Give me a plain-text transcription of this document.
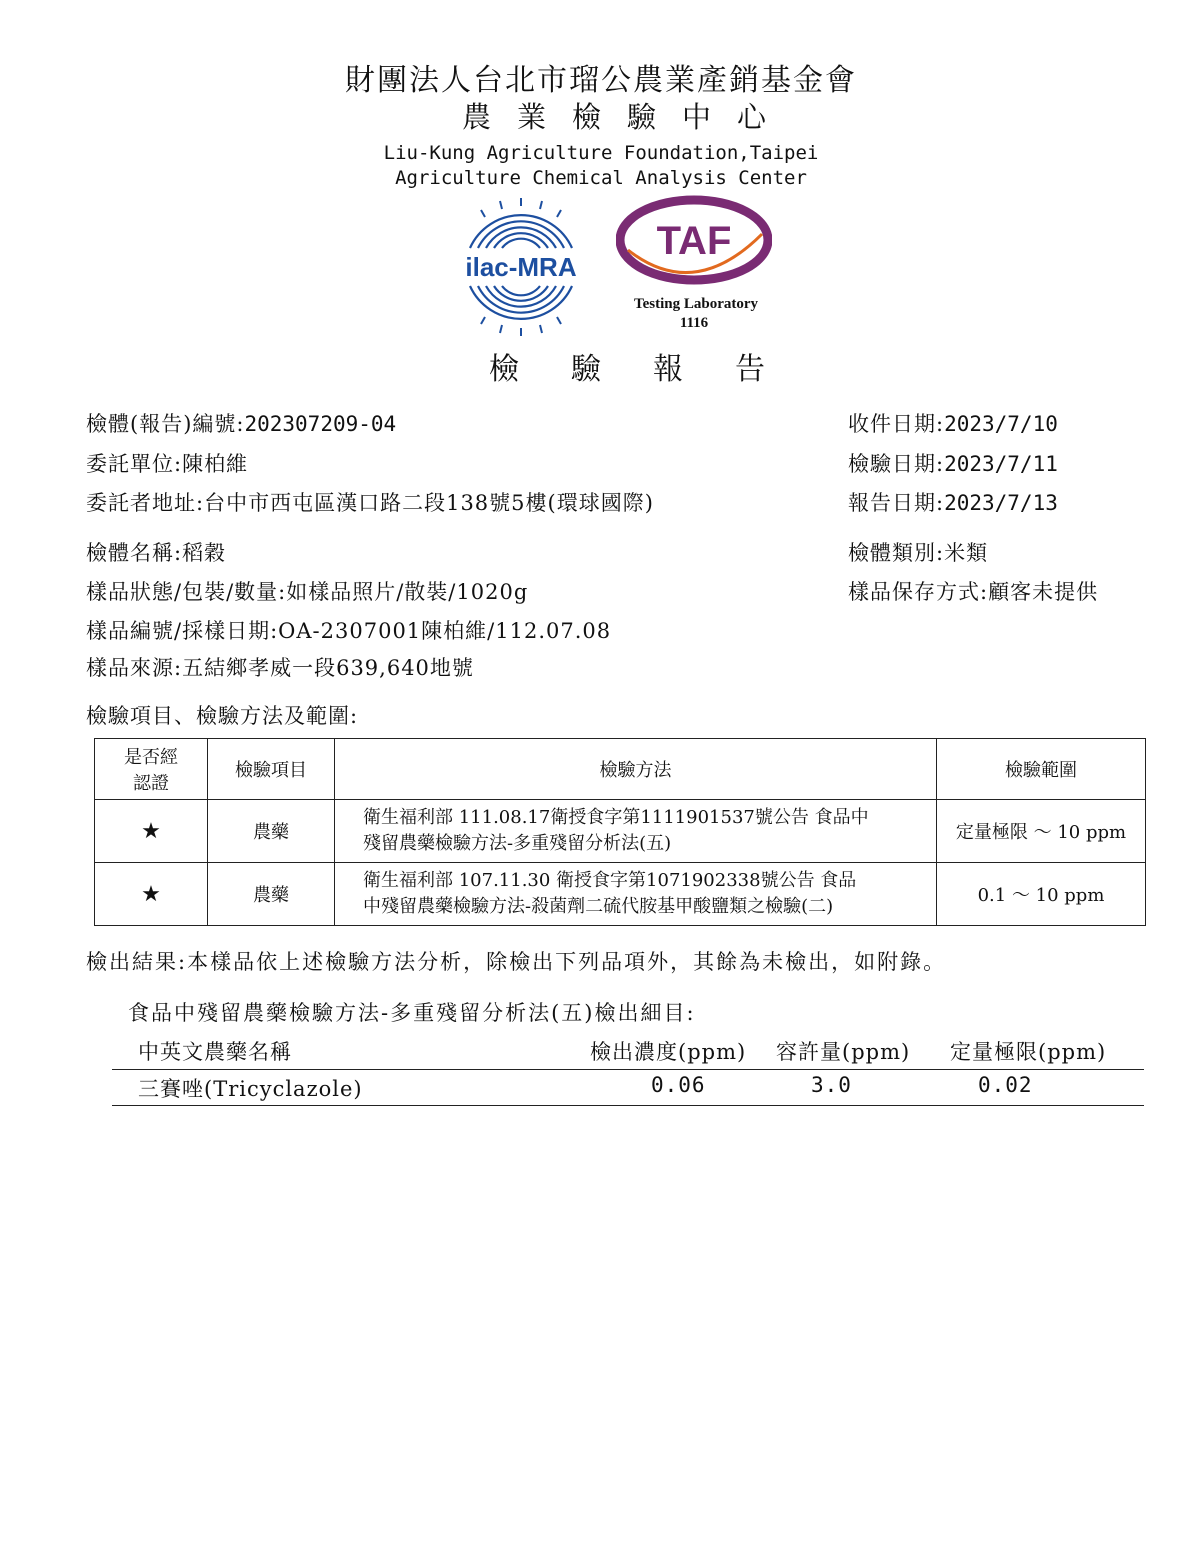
財團法人台北市瑠公農業產銷基金會
農業檢驗中心
Liu-Kung Agriculture Foundation,Taipei
Agriculture Chemical Analysis Center
ilac-MRA
TAF
Testing Laboratory
1116
檢驗報告
檢體(報告)編號:202307209-04	收件日期:2023/7/10
委託單位:陳柏維	檢驗日期:2023/7/11
委託者地址:台中市西屯區漢口路二段138號5樓(環球國際)	報告日期:2023/7/13
檢體名稱:稻穀	檢體類別:米類
樣品狀態/包裝/數量:如樣品照片/散裝/1020g	樣品保存方式:顧客未提供
樣品編號/採樣日期:OA-2307001陳柏維/112.07.08
樣品來源:五結鄉孝威一段639,640地號
檢驗項目、檢驗方法及範圍:
是否經
認證	檢驗項目	檢驗方法	檢驗範圍
★	農藥	衛生福利部 111.08.17衛授食字第1111901537號公告 食品中
殘留農藥檢驗方法-多重殘留分析法(五)	定量極限 ～ 10 ppm
★	農藥	衛生福利部 107.11.30 衛授食字第1071902338號公告 食品
中殘留農藥檢驗方法-殺菌劑二硫代胺基甲酸鹽類之檢驗(二)	0.1 ～ 10 ppm
檢出結果:本樣品依上述檢驗方法分析，除檢出下列品項外，其餘為未檢出，如附錄。
食品中殘留農藥檢驗方法-多重殘留分析法(五)檢出細目:
中英文農藥名稱	檢出濃度(ppm) 容許量(ppm) 定量極限(ppm)
三賽唑(Tricyclazole)	0.06	3.0	0.02
